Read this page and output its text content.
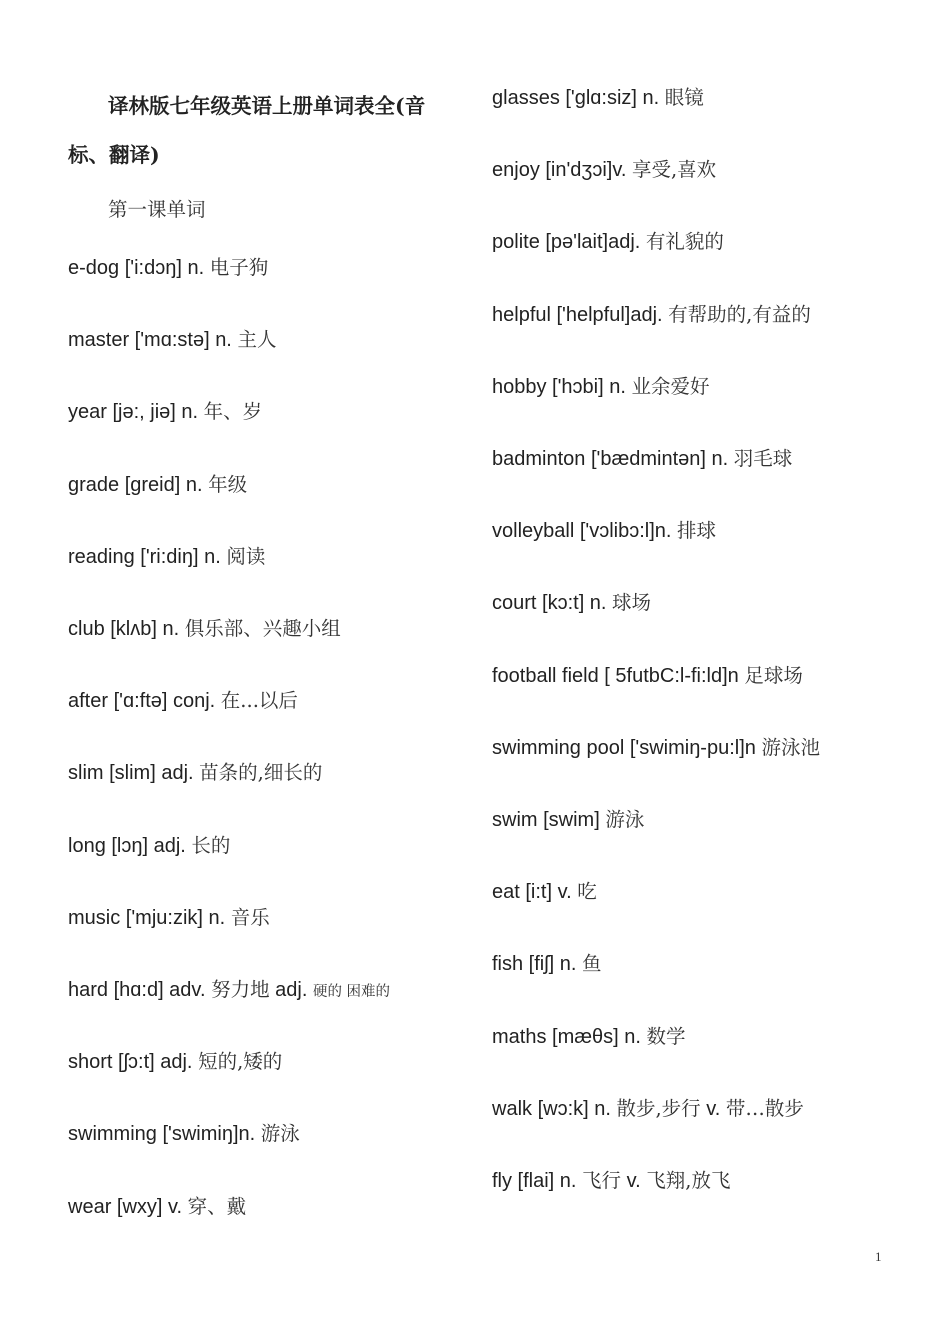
译林版七年级英语上册单词表全(音标、翻译)
第一课单词
e-dog ['i:dɔŋ] n. 电子狗
master ['mɑ:stə] n. 主人
year [jə:, jiə] n. 年、岁
grade [greid] n. 年级
reading ['ri:diŋ] n. 阅读
club [klʌb] n. 俱乐部、兴趣小组
after ['ɑ:ftə] conj. 在...以后
slim [slim] adj. 苗条的,细长的
long [lɔŋ] adj. 长的
music ['mju:zik] n. 音乐
hard [hɑ:d] adv. 努力地 adj. 硬的 困难的
short [ʃɔ:t] adj. 短的,矮的
swimming ['swimiŋ]n. 游泳
wear [wxy] v. 穿、戴
glasses ['glɑ:siz] n. 眼镜
enjoy [in'dʒɔi]v. 享受,喜欢
polite [pə'lait]adj. 有礼貌的
helpful ['helpful]adj. 有帮助的,有益的
hobby ['hɔbi] n. 业余爱好
badminton ['bædmintən] n. 羽毛球
volleyball ['vɔlibɔ:l]n. 排球
court [kɔ:t] n. 球场
football field [ 5futbC:l-fi:ld]n 足球场
swimming pool ['swimiŋ-pu:l]n 游泳池
swim [swim] 游泳
eat [i:t] v. 吃
fish [fiʃ] n. 鱼
maths [mæθs] n. 数学
walk [wɔ:k] n. 散步,步行 v. 带…散步
fly [flai] n. 飞行 v. 飞翔,放飞
1
